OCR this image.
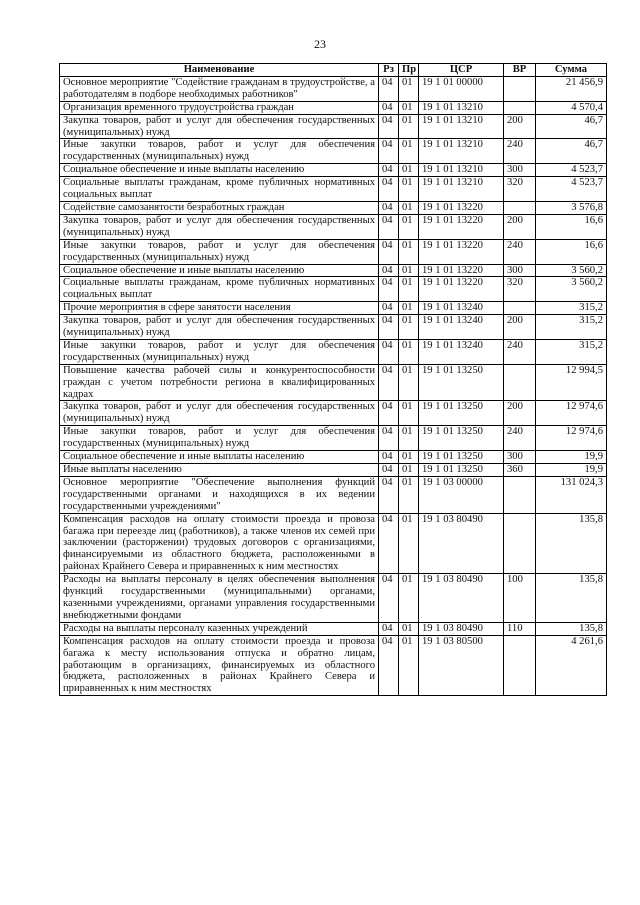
23
Наименование	Рз	Пр	ЦСР	ВР	Сумма
Основное мероприятие "Содействие гражданам в трудоустройстве, а работодателям в подборе необходимых работников"	04	01	19 1 01 00000		21 456,9
Организация временного трудоустройства граждан	04	01	19 1 01 13210		4 570,4
Закупка товаров, работ и услуг для обеспечения государственных (муниципальных) нужд	04	01	19 1 01 13210	200	46,7
Иные закупки товаров, работ и услуг для обеспечения государственных (муниципальных) нужд	04	01	19 1 01 13210	240	46,7
Социальное обеспечение и иные выплаты населению	04	01	19 1 01 13210	300	4 523,7
Социальные выплаты гражданам, кроме публичных нормативных социальных выплат	04	01	19 1 01 13210	320	4 523,7
Содействие самозанятости безработных граждан	04	01	19 1 01 13220		3 576,8
Закупка товаров, работ и услуг для обеспечения государственных (муниципальных) нужд	04	01	19 1 01 13220	200	16,6
Иные закупки товаров, работ и услуг для обеспечения государственных (муниципальных) нужд	04	01	19 1 01 13220	240	16,6
Социальное обеспечение и иные выплаты населению	04	01	19 1 01 13220	300	3 560,2
Социальные выплаты гражданам, кроме публичных нормативных социальных выплат	04	01	19 1 01 13220	320	3 560,2
Прочие мероприятия в сфере занятости населения	04	01	19 1 01 13240		315,2
Закупка товаров, работ и услуг для обеспечения государственных (муниципальных) нужд	04	01	19 1 01 13240	200	315,2
Иные закупки товаров, работ и услуг для обеспечения государственных (муниципальных) нужд	04	01	19 1 01 13240	240	315,2
Повышение качества рабочей силы и конкурентоспособности граждан с учетом потребности региона в квалифицированных кадрах	04	01	19 1 01 13250		12 994,5
Закупка товаров, работ и услуг для обеспечения государственных (муниципальных) нужд	04	01	19 1 01 13250	200	12 974,6
Иные закупки товаров, работ и услуг для обеспечения государственных (муниципальных) нужд	04	01	19 1 01 13250	240	12 974,6
Социальное обеспечение и иные выплаты населению	04	01	19 1 01 13250	300	19,9
Иные выплаты населению	04	01	19 1 01 13250	360	19,9
Основное мероприятие "Обеспечение выполнения функций государственными органами и находящихся в их ведении государственными учреждениями"	04	01	19 1 03 00000		131 024,3
Компенсация расходов на оплату стоимости проезда и провоза багажа при переезде лиц (работников), а также членов их семей при заключении (расторжении) трудовых договоров с организациями, финансируемыми из областного бюджета, расположенными в районах Крайнего Севера и приравненных к ним местностях	04	01	19 1 03 80490		135,8
Расходы на выплаты персоналу в целях обеспечения выполнения функций государственными (муниципальными) органами, казенными учреждениями, органами управления государственными внебюджетными фондами	04	01	19 1 03 80490	100	135,8
Расходы на выплаты персоналу казенных учреждений	04	01	19 1 03 80490	110	135,8
Компенсация расходов на оплату стоимости проезда и провоза багажа к месту использования отпуска и обратно лицам, работающим в организациях, финансируемых из областного бюджета, расположенных в районах Крайнего Севера и приравненных к ним местностях	04	01	19 1 03 80500		4 261,6
